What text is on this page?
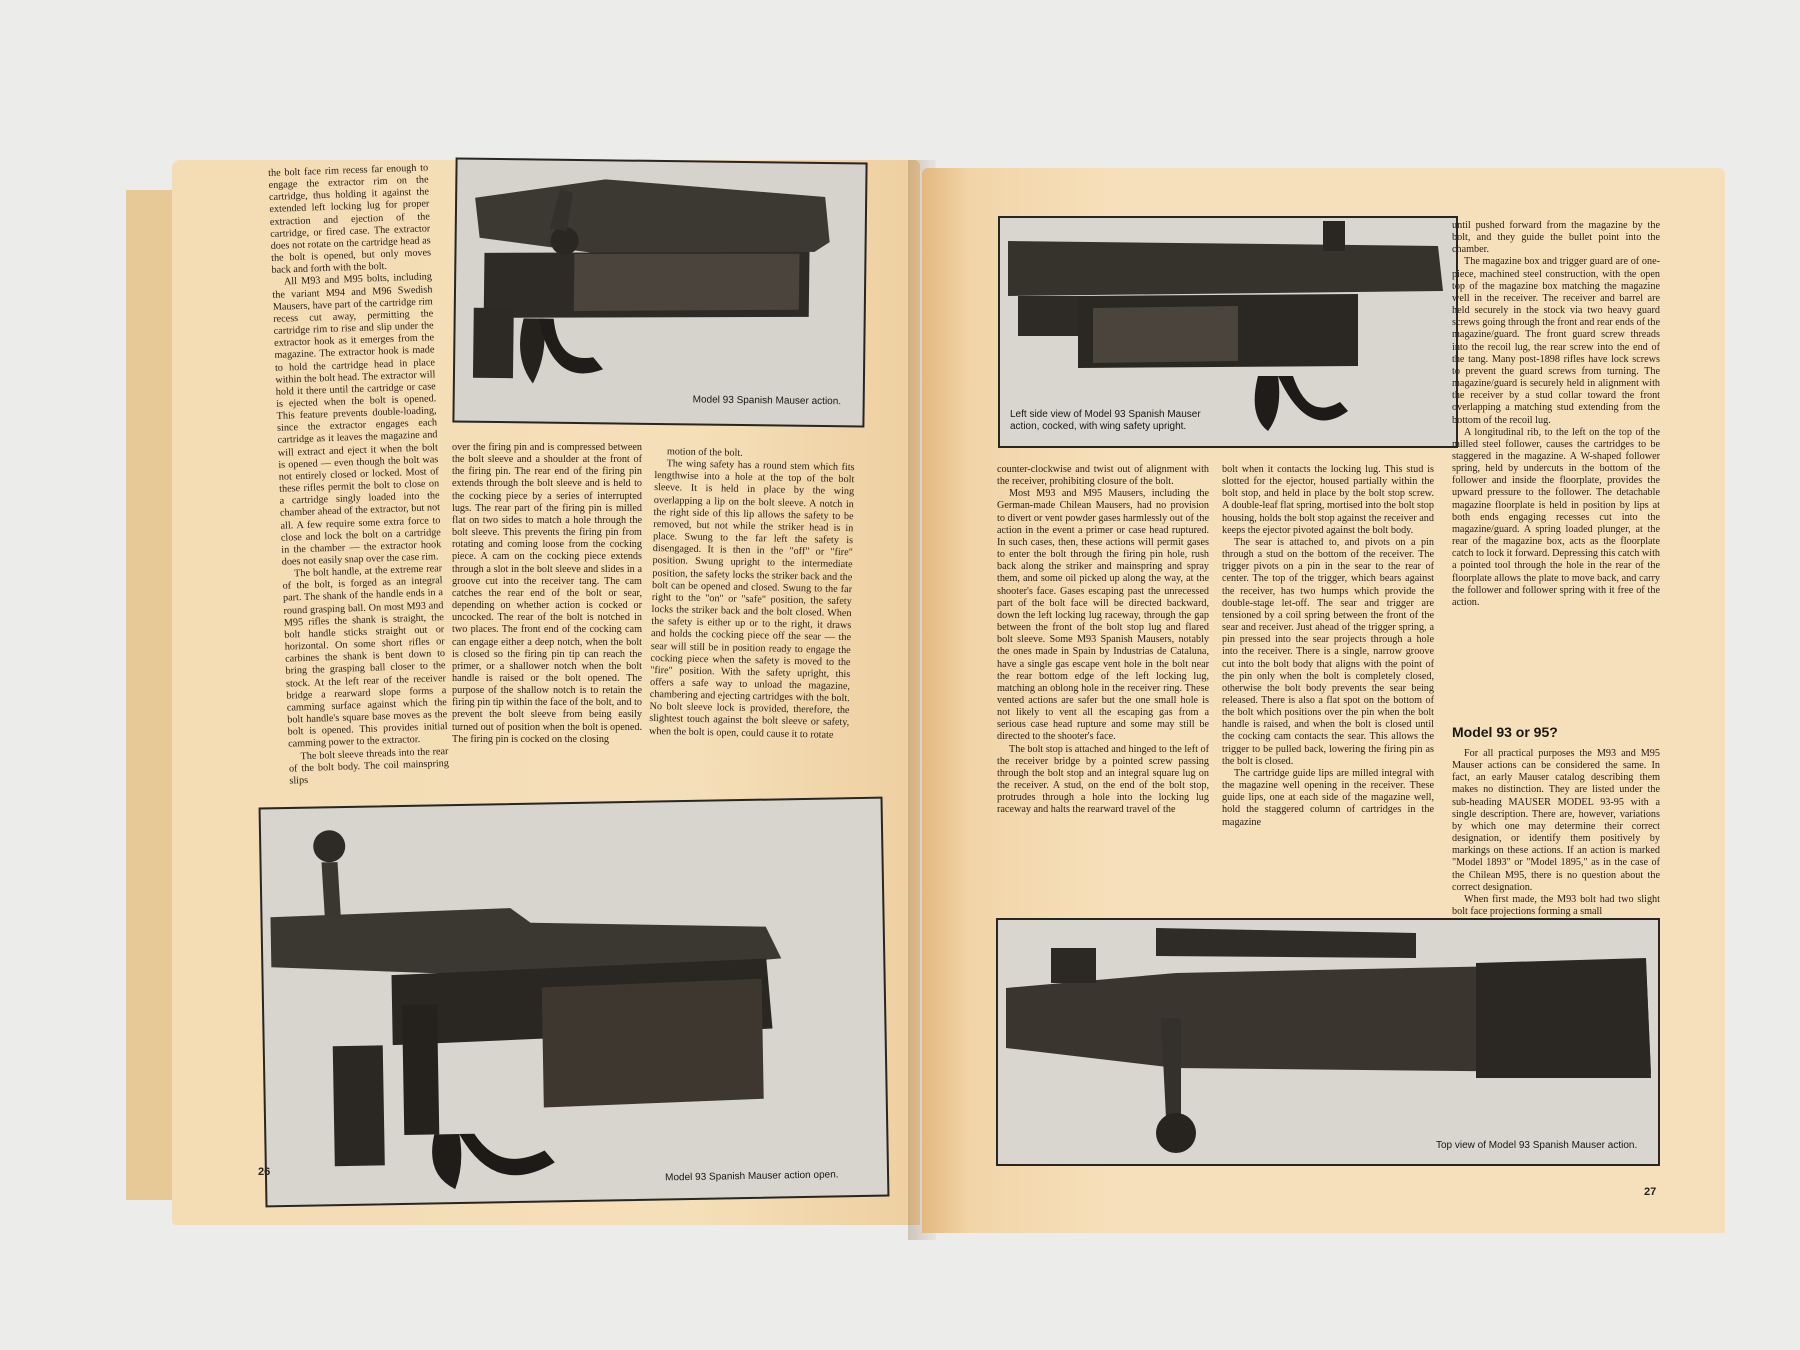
the bolt face rim recess far enough to engage the extractor rim on the cartridge, thus holding it against the extended left locking lug for proper extraction and ejection of the cartridge, or fired case. The extractor does not rotate on the cartridge head as the bolt is opened, but only moves back and forth with the bolt.

All M93 and M95 bolts, including the variant M94 and M96 Swedish Mausers, have part of the cartridge rim recess cut away, permitting the cartridge rim to rise and slip under the extractor hook as it emerges from the magazine. The extractor hook is made to hold the cartridge head in place within the bolt head. The extractor will hold it there until the cartridge or case is ejected when the bolt is opened. This feature prevents double-loading, since the extractor engages each cartridge as it leaves the magazine and will extract and eject it when the bolt is opened — even though the bolt was not entirely closed or locked. Most of these rifles permit the bolt to close on a cartridge singly loaded into the chamber ahead of the extractor, but not all. A few require some extra force to close and lock the bolt on a cartridge in the chamber — the extractor hook does not easily snap over the case rim.

The bolt handle, at the extreme rear of the bolt, is forged as an integral part. The shank of the handle ends in a round grasping ball. On most M93 and M95 rifles the shank is straight, the bolt handle sticks straight out or horizontal. On some short rifles or carbines the shank is bent down to bring the grasping ball closer to the stock. At the left rear of the receiver bridge a rearward slope forms a camming surface against which the bolt handle's square base moves as the bolt is opened. This provides initial camming power to the extractor.

The bolt sleeve threads into the rear of the bolt body. The coil mainspring slips

Model 93 Spanish Mauser action.

over the firing pin and is compressed between the bolt sleeve and a shoulder at the front of the firing pin. The rear end of the firing pin extends through the bolt sleeve and is held to the cocking piece by a series of interrupted lugs. The rear part of the firing pin is milled flat on two sides to match a hole through the bolt sleeve. This prevents the firing pin from rotating and coming loose from the cocking piece. A cam on the cocking piece extends through a slot in the bolt sleeve and slides in a groove cut into the receiver tang. The cam catches the rear end of the bolt or sear, depending on whether action is cocked or uncocked. The rear of the bolt is notched in two places. The front end of the cocking cam can engage either a deep notch, when the bolt is closed so the firing pin tip can reach the primer, or a shallower notch when the bolt handle is raised or the bolt opened. The purpose of the shallow notch is to retain the firing pin tip within the face of the bolt, and to prevent the bolt sleeve from being easily turned out of position when the bolt is opened. The firing pin is cocked on the closing

motion of the bolt.

The wing safety has a round stem which fits lengthwise into a hole at the top of the bolt sleeve. It is held in place by the wing overlapping a lip on the bolt sleeve. A notch in the right side of this lip allows the safety to be removed, but not while the striker head is in place. Swung to the far left the safety is disengaged. It is then in the "off" or "fire" position. Swung upright to the intermediate position, the safety locks the striker back and the bolt can be opened and closed. Swung to the far right to the "on" or "safe" position, the safety locks the striker back and the bolt closed. When the safety is either up or to the right, it draws and holds the cocking piece off the sear — the sear will still be in position ready to engage the cocking piece when the safety is moved to the "fire" position. With the safety upright, this offers a safe way to unload the magazine, chambering and ejecting cartridges with the bolt. No bolt sleeve lock is provided, therefore, the slightest touch against the bolt sleeve or safety, when the bolt is open, could cause it to rotate

Model 93 Spanish Mauser action open.
26
Left side view of Model 93 Spanish Mauser
action, cocked, with wing safety upright.

counter-clockwise and twist out of alignment with the receiver, prohibiting closure of the bolt.

Most M93 and M95 Mausers, including the German-made Chilean Mausers, had no provision to divert or vent powder gases harmlessly out of the action in the event a primer or case head ruptured. In such cases, then, these actions will permit gases to enter the bolt through the firing pin hole, rush back along the striker and mainspring and spray them, and some oil picked up along the way, at the shooter's face. Gases escaping past the unrecessed part of the bolt face will be directed backward, down the left locking lug raceway, through the gap between the front of the bolt stop lug and flared bolt sleeve. Some M93 Spanish Mausers, notably the ones made in Spain by Industrias de Cataluna, have a single gas escape vent hole in the bolt near the rear bottom edge of the left locking lug, matching an oblong hole in the receiver ring. These vented actions are safer but the one small hole is not likely to vent all the escaping gas from a serious case head rupture and some may still be directed to the shooter's face.

The bolt stop is attached and hinged to the left of the receiver bridge by a pointed screw passing through the bolt stop and an integral square lug on the receiver. A stud, on the end of the bolt stop, protrudes through a hole into the locking lug raceway and halts the rearward travel of the

bolt when it contacts the locking lug. This stud is slotted for the ejector, housed partially within the bolt stop, and held in place by the bolt stop screw. A double-leaf flat spring, mortised into the bolt stop housing, holds the bolt stop against the receiver and keeps the ejector pivoted against the bolt body.

The sear is attached to, and pivots on a pin through a stud on the bottom of the receiver. The trigger pivots on a pin in the sear to the rear of center. The top of the trigger, which bears against the receiver, has two humps which provide the double-stage let-off. The sear and trigger are tensioned by a coil spring between the front of the sear and receiver. Just ahead of the trigger spring, a pin pressed into the sear projects through a hole into the receiver. There is a single, narrow groove cut into the bolt body that aligns with the point of the pin only when the bolt is completely closed, otherwise the bolt body prevents the sear being released. There is also a flat spot on the bottom of the bolt which positions over the pin when the bolt handle is raised, and when the bolt is closed until the cocking cam contacts the sear. This allows the trigger to be pulled back, lowering the firing pin as the bolt is closed.

The cartridge guide lips are milled integral with the magazine well opening in the receiver. These guide lips, one at each side of the magazine well, hold the staggered column of cartridges in the magazine

until pushed forward from the magazine by the bolt, and they guide the bullet point into the chamber.

The magazine box and trigger guard are of one-piece, machined steel construction, with the open top of the magazine box matching the magazine well in the receiver. The receiver and barrel are held securely in the stock via two heavy guard screws going through the front and rear ends of the magazine/guard. The front guard screw threads into the recoil lug, the rear screw into the end of the tang. Many post-1898 rifles have lock screws to prevent the guard screws from turning. The magazine/guard is securely held in alignment with the receiver by a stud collar toward the front overlapping a matching stud extending from the bottom of the recoil lug.

A longitudinal rib, to the left on the top of the milled steel follower, causes the cartridges to be staggered in the magazine. A W-shaped follower spring, held by undercuts in the bottom of the follower and inside the floorplate, provides the upward pressure to the follower. The detachable magazine floorplate is held in position by lips at both ends engaging recesses cut into the magazine/guard. A spring loaded plunger, at the rear of the magazine box, acts as the floorplate catch to lock it forward. Depressing this catch with a pointed tool through the hole in the rear of the floorplate allows the plate to move back, and carry the follower and follower spring with it free of the action.

Model 93 or 95?

For all practical purposes the M93 and M95 Mauser actions can be considered the same. In fact, an early Mauser catalog describing them makes no distinction. They are listed under the sub-heading MAUSER MODEL 93-95 with a single description. There are, however, variations by which one may determine their correct designation, or identify them positively by markings on these actions. If an action is marked "Model 1893" or "Model 1895," as in the case of the Chilean M95, there is no question about the correct designation.

When first made, the M93 bolt had two slight bolt face projections forming a small

Top view of Model 93 Spanish Mauser action.
27
